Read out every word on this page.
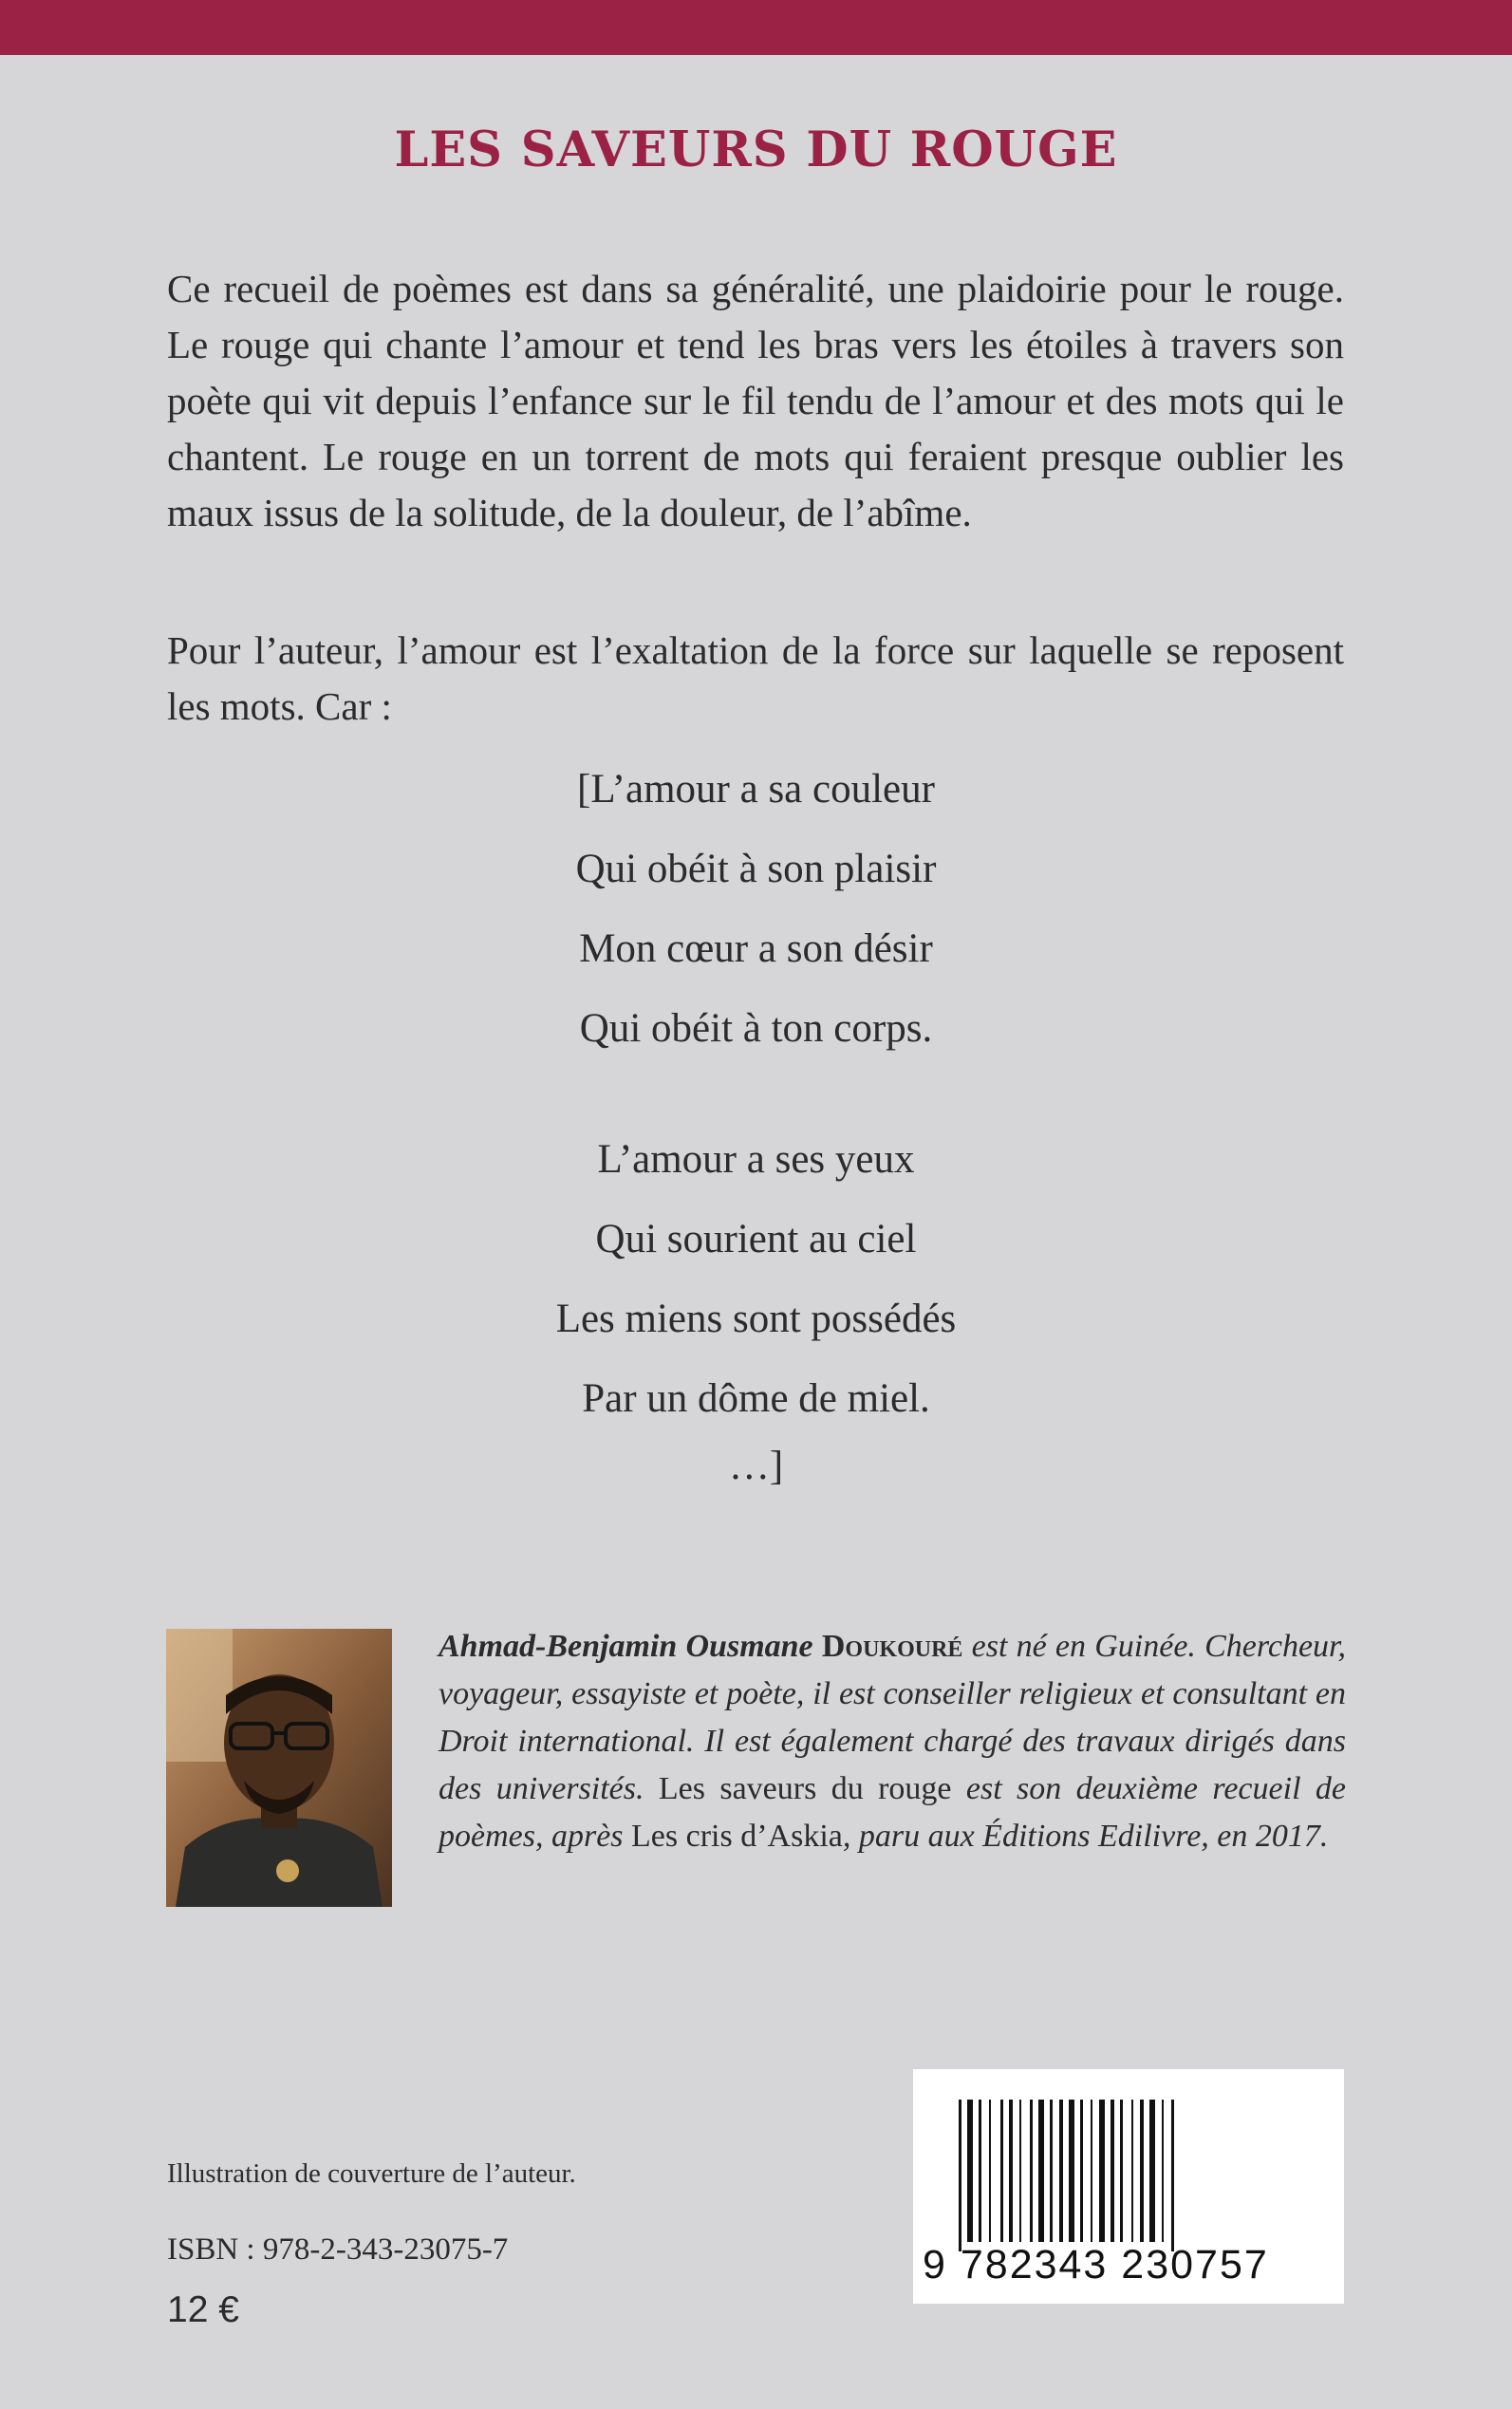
LES SAVEURS DU ROUGE

Ce recueil de poèmes est dans sa généralité, une plaidoirie pour le rouge. Le rouge qui chante l’amour et tend les bras vers les étoiles à travers son poète qui vit depuis l’enfance sur le fil tendu de l’amour et des mots qui le chantent. Le rouge en un torrent de mots qui feraient presque oublier les maux issus de la solitude, de la douleur, de l’abîme.

Pour l’auteur, l’amour est l’exaltation de la force sur laquelle se reposent les mots. Car :

[L’amour a sa couleur
Qui obéit à son plaisir
Mon cœur a son désir
Qui obéit à ton corps.
L’amour a ses yeux
Qui sourient au ciel
Les miens sont possédés
Par un dôme de miel.
…]

Ahmad-Benjamin Ousmane Doukouré est né en Guinée. Chercheur, voyageur, essayiste et poète, il est conseiller religieux et consultant en Droit international. Il est également chargé des travaux dirigés dans des universités. Les saveurs du rouge est son deuxième recueil de poèmes, après Les cris d’Askia, paru aux Éditions Edilivre, en 2017.

Illustration de couverture de l’auteur.
ISBN : 978-2-343-23075-7
12 €
9 782343 230757
